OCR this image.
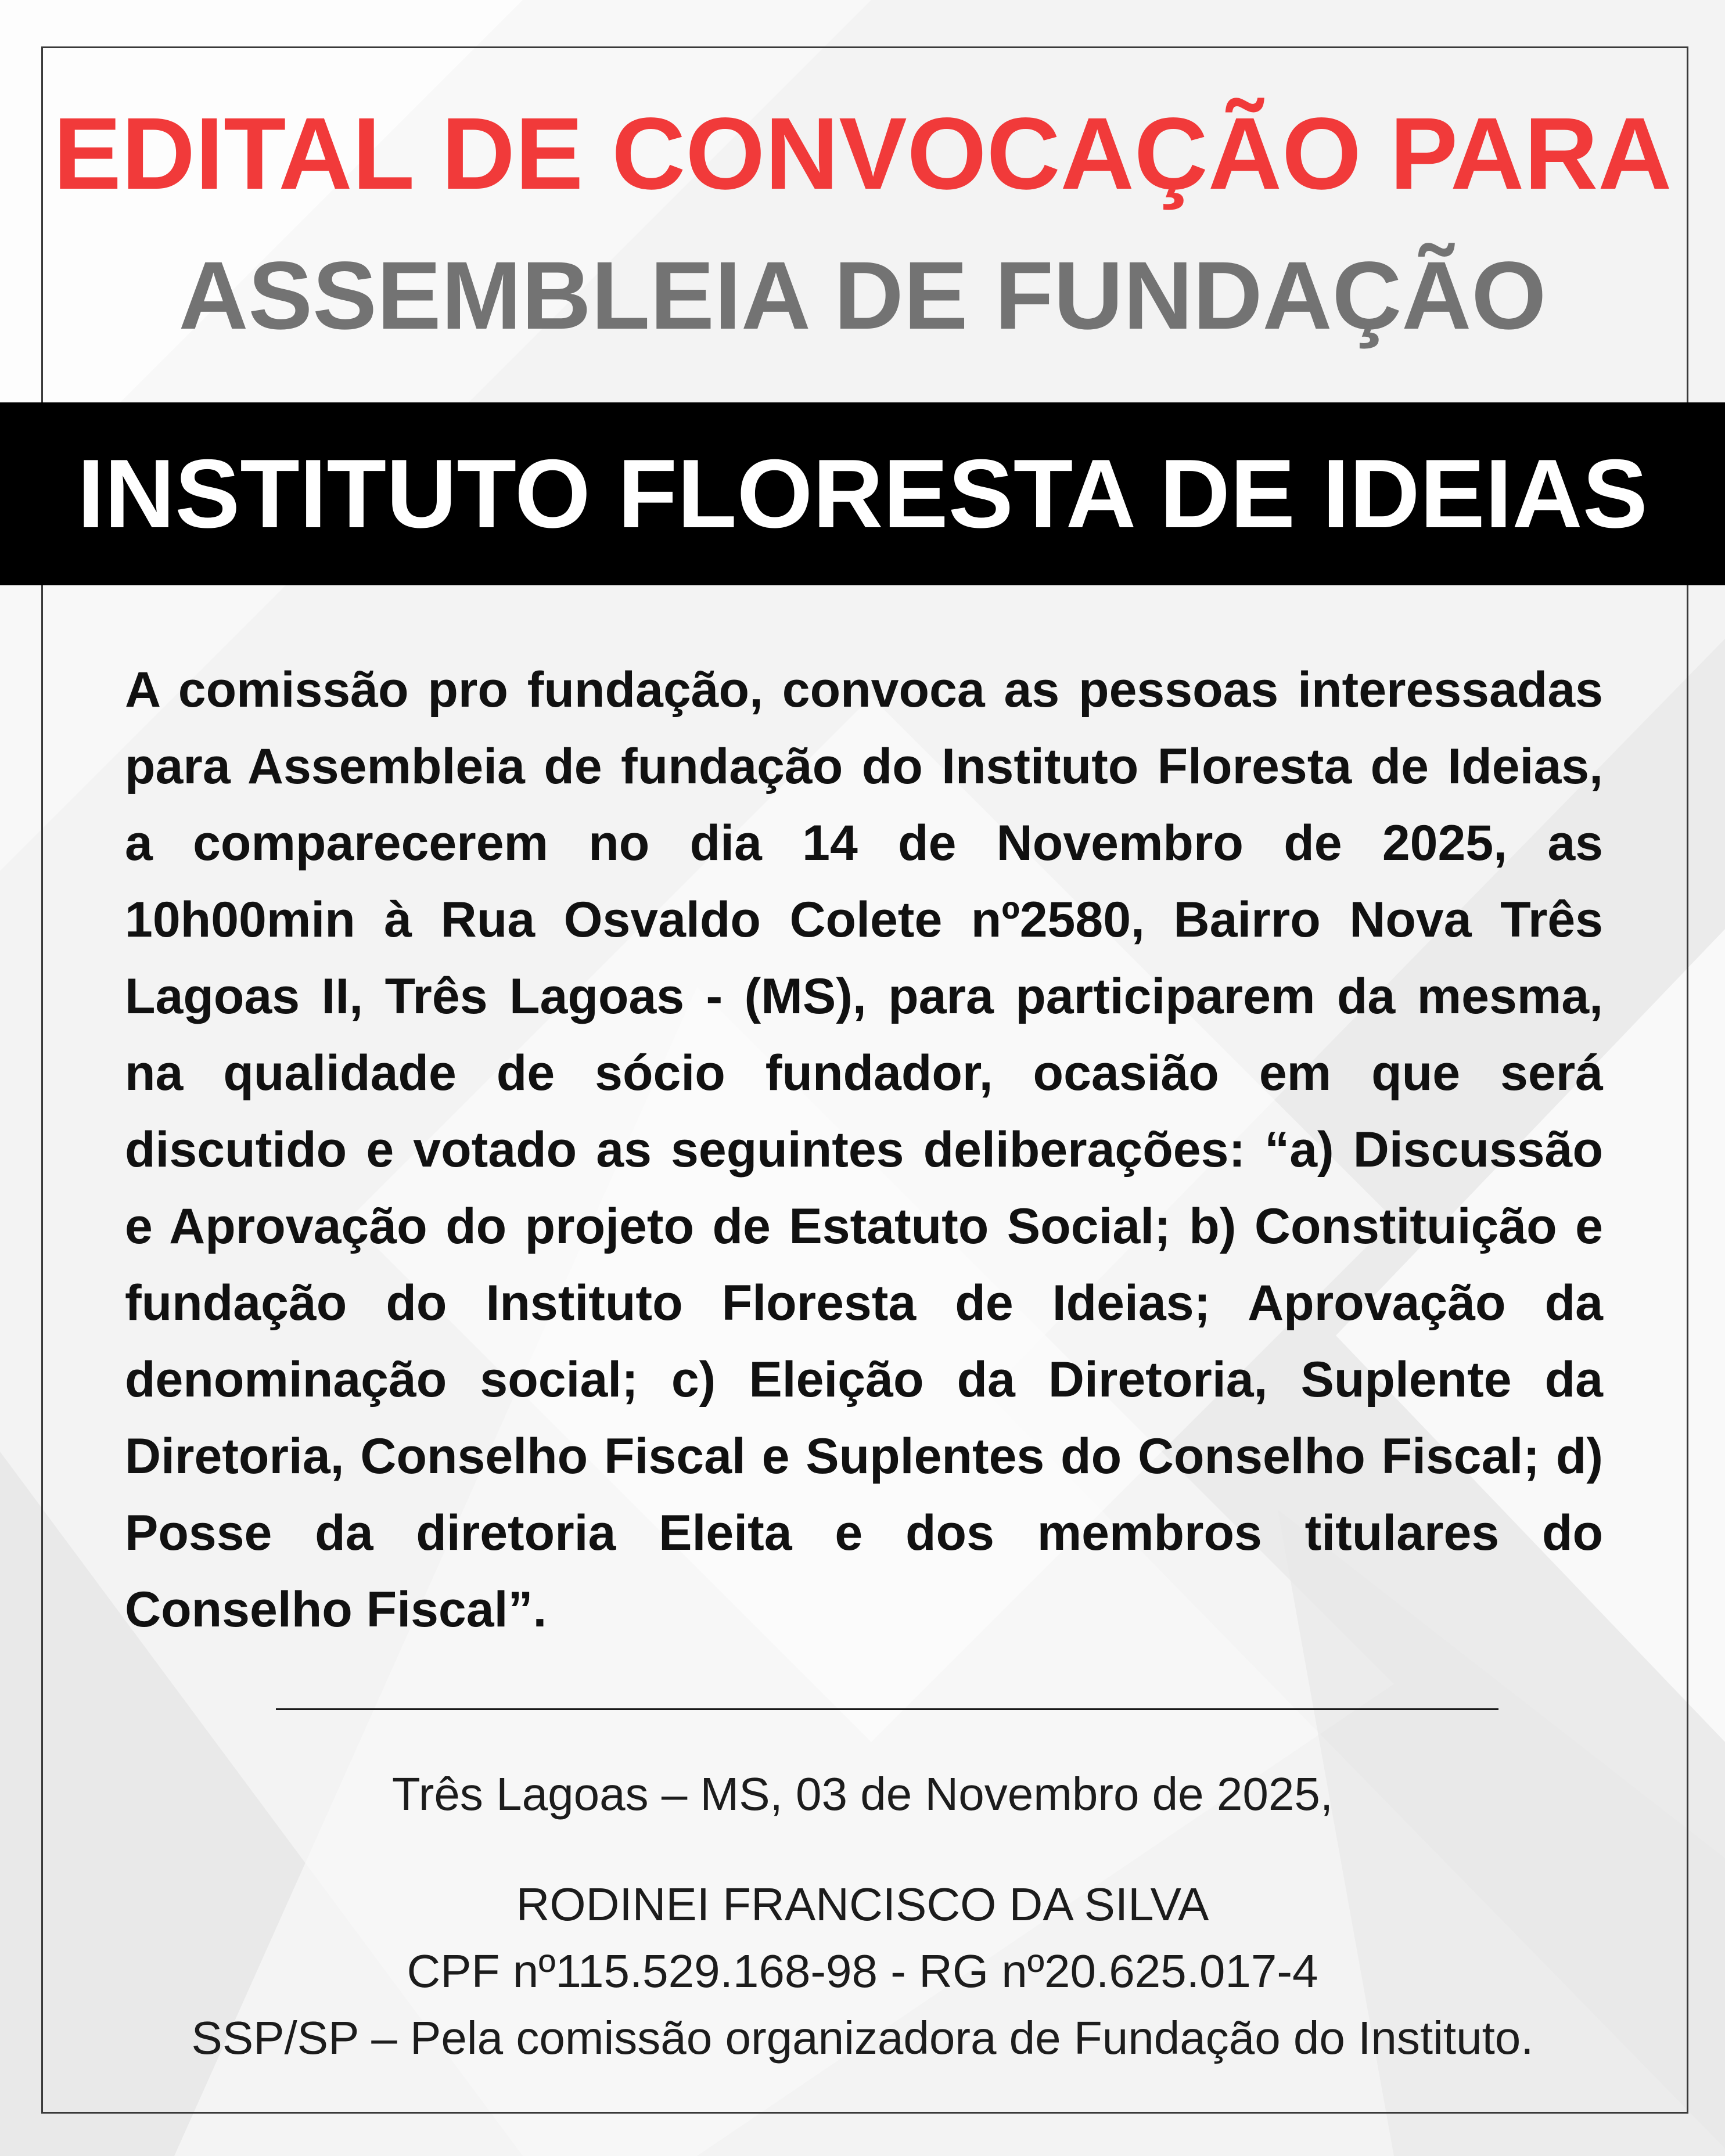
EDITAL DE CONVOCAÇÃO PARA
ASSEMBLEIA DE FUNDAÇÃO
INSTITUTO FLORESTA DE IDEIAS
A comissão pro fundação, convoca as pessoas interessadas para Assembleia de fundação do Instituto Floresta de Ideias, a comparecerem no dia 14 de Novembro de 2025, as 10h00min à Rua Osvaldo Colete nº2580, Bairro Nova Três Lagoas II, Três Lagoas - (MS), para participarem da mesma, na qualidade de sócio fundador, ocasião em que será discutido e votado as seguintes deliberações: “a) Discussão e Aprovação do projeto de Estatuto Social; b) Constituição e fundação do Instituto Floresta de Ideias; Aprovação da denominação social; c) Eleição da Diretoria, Suplente da Diretoria, Conselho Fiscal e Suplentes do Conselho Fiscal; d) Posse da diretoria Eleita e dos membros titulares do Conselho Fiscal”.
Três Lagoas – MS, 03 de Novembro de 2025,
RODINEI FRANCISCO DA SILVA
CPF nº115.529.168-98 - RG nº20.625.017-4
SSP/SP – Pela comissão organizadora de Fundação do Instituto.
